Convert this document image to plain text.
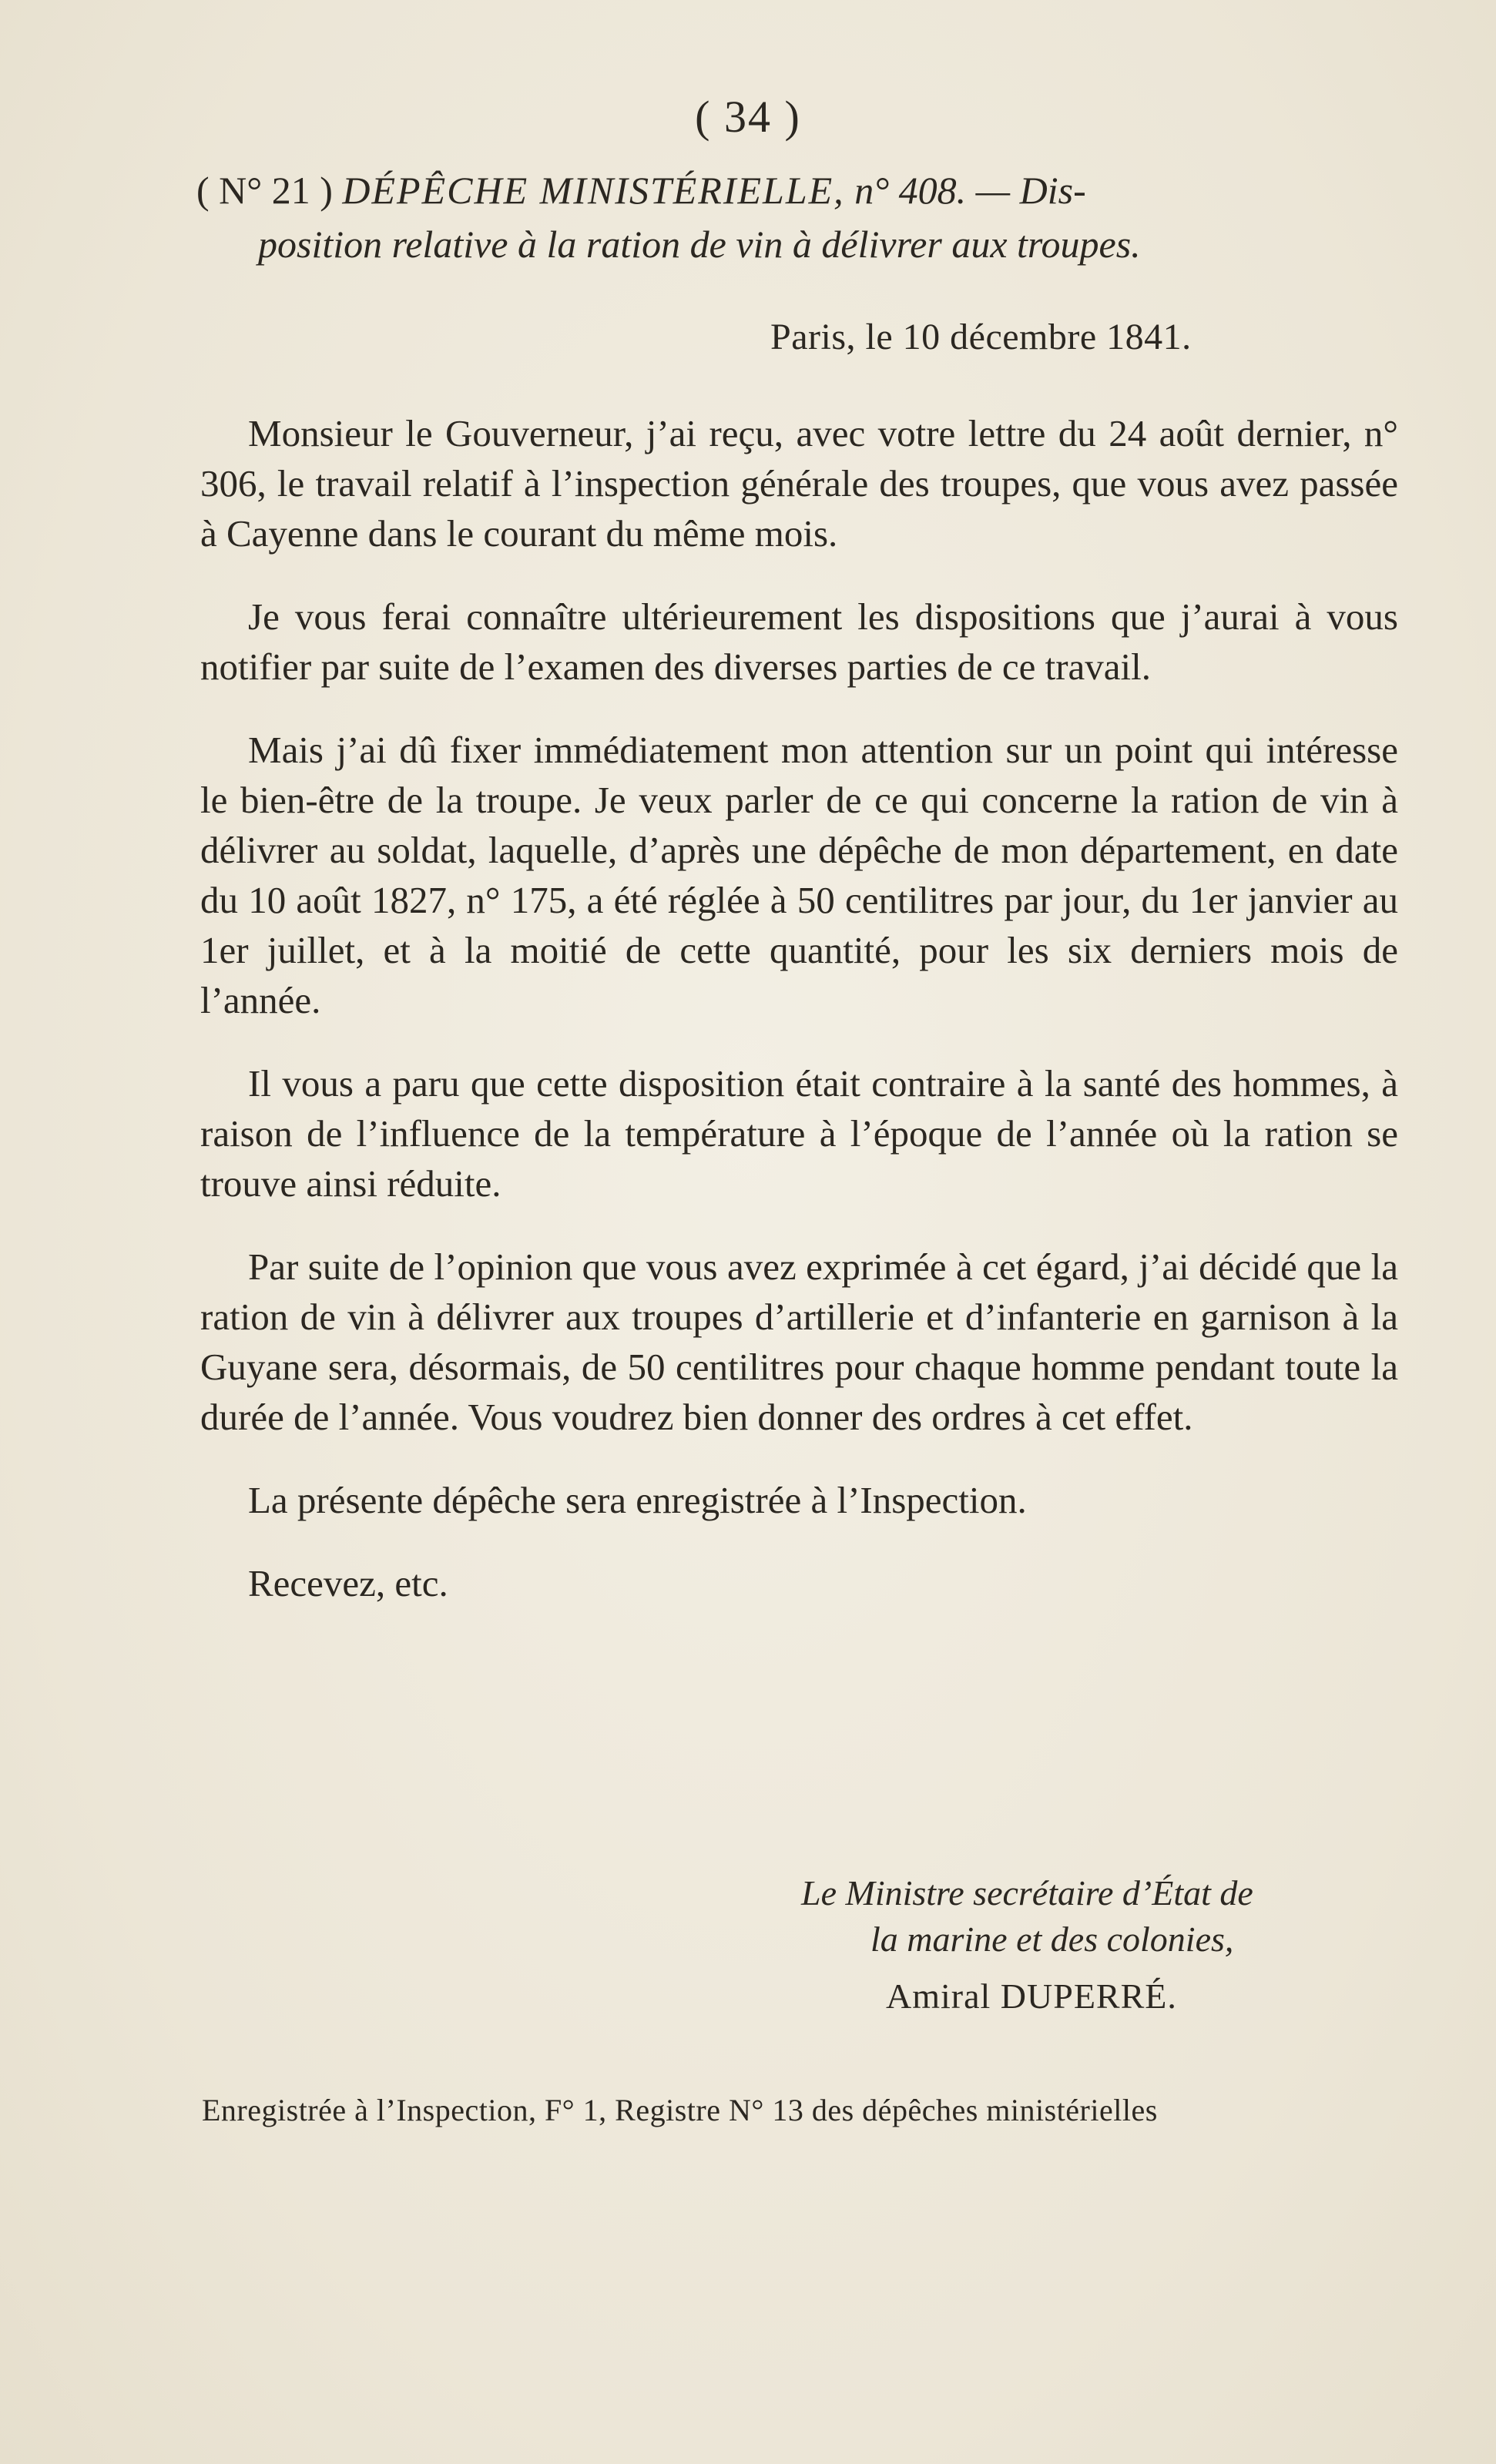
( 34 )
( N° 21 ) DÉPÊCHE MINISTÉRIELLE, n° 408. — Dis-
position relative à la ration de vin à délivrer aux troupes.
Paris, le 10 décembre 1841.

Monsieur le Gouverneur, j’ai reçu, avec votre lettre du 24 août dernier, n° 306, le travail relatif à l’inspection générale des troupes, que vous avez passée à Cayenne dans le courant du même mois.

Je vous ferai connaître ultérieurement les dispositions que j’aurai à vous notifier par suite de l’examen des diverses parties de ce travail.

Mais j’ai dû fixer immédiatement mon attention sur un point qui intéresse le bien-être de la troupe. Je veux parler de ce qui concerne la ration de vin à délivrer au soldat, laquelle, d’après une dépêche de mon département, en date du 10 août 1827, n° 175, a été réglée à 50 centilitres par jour, du 1er janvier au 1er juillet, et à la moitié de cette quantité, pour les six derniers mois de l’année.

Il vous a paru que cette disposition était contraire à la santé des hommes, à raison de l’influence de la température à l’époque de l’année où la ration se trouve ainsi réduite.

Par suite de l’opinion que vous avez exprimée à cet égard, j’ai décidé que la ration de vin à délivrer aux troupes d’artillerie et d’infanterie en garnison à la Guyane sera, désormais, de 50 centilitres pour chaque homme pendant toute la durée de l’année. Vous voudrez bien donner des ordres à cet effet.

La présente dépêche sera enregistrée à l’Inspection.

Recevez, etc.

Le Ministre secrétaire d’État de
la marine et des colonies,
Amiral DUPERRÉ.
Enregistrée à l’Inspection, F° 1, Registre N° 13 des dépêches ministérielles
